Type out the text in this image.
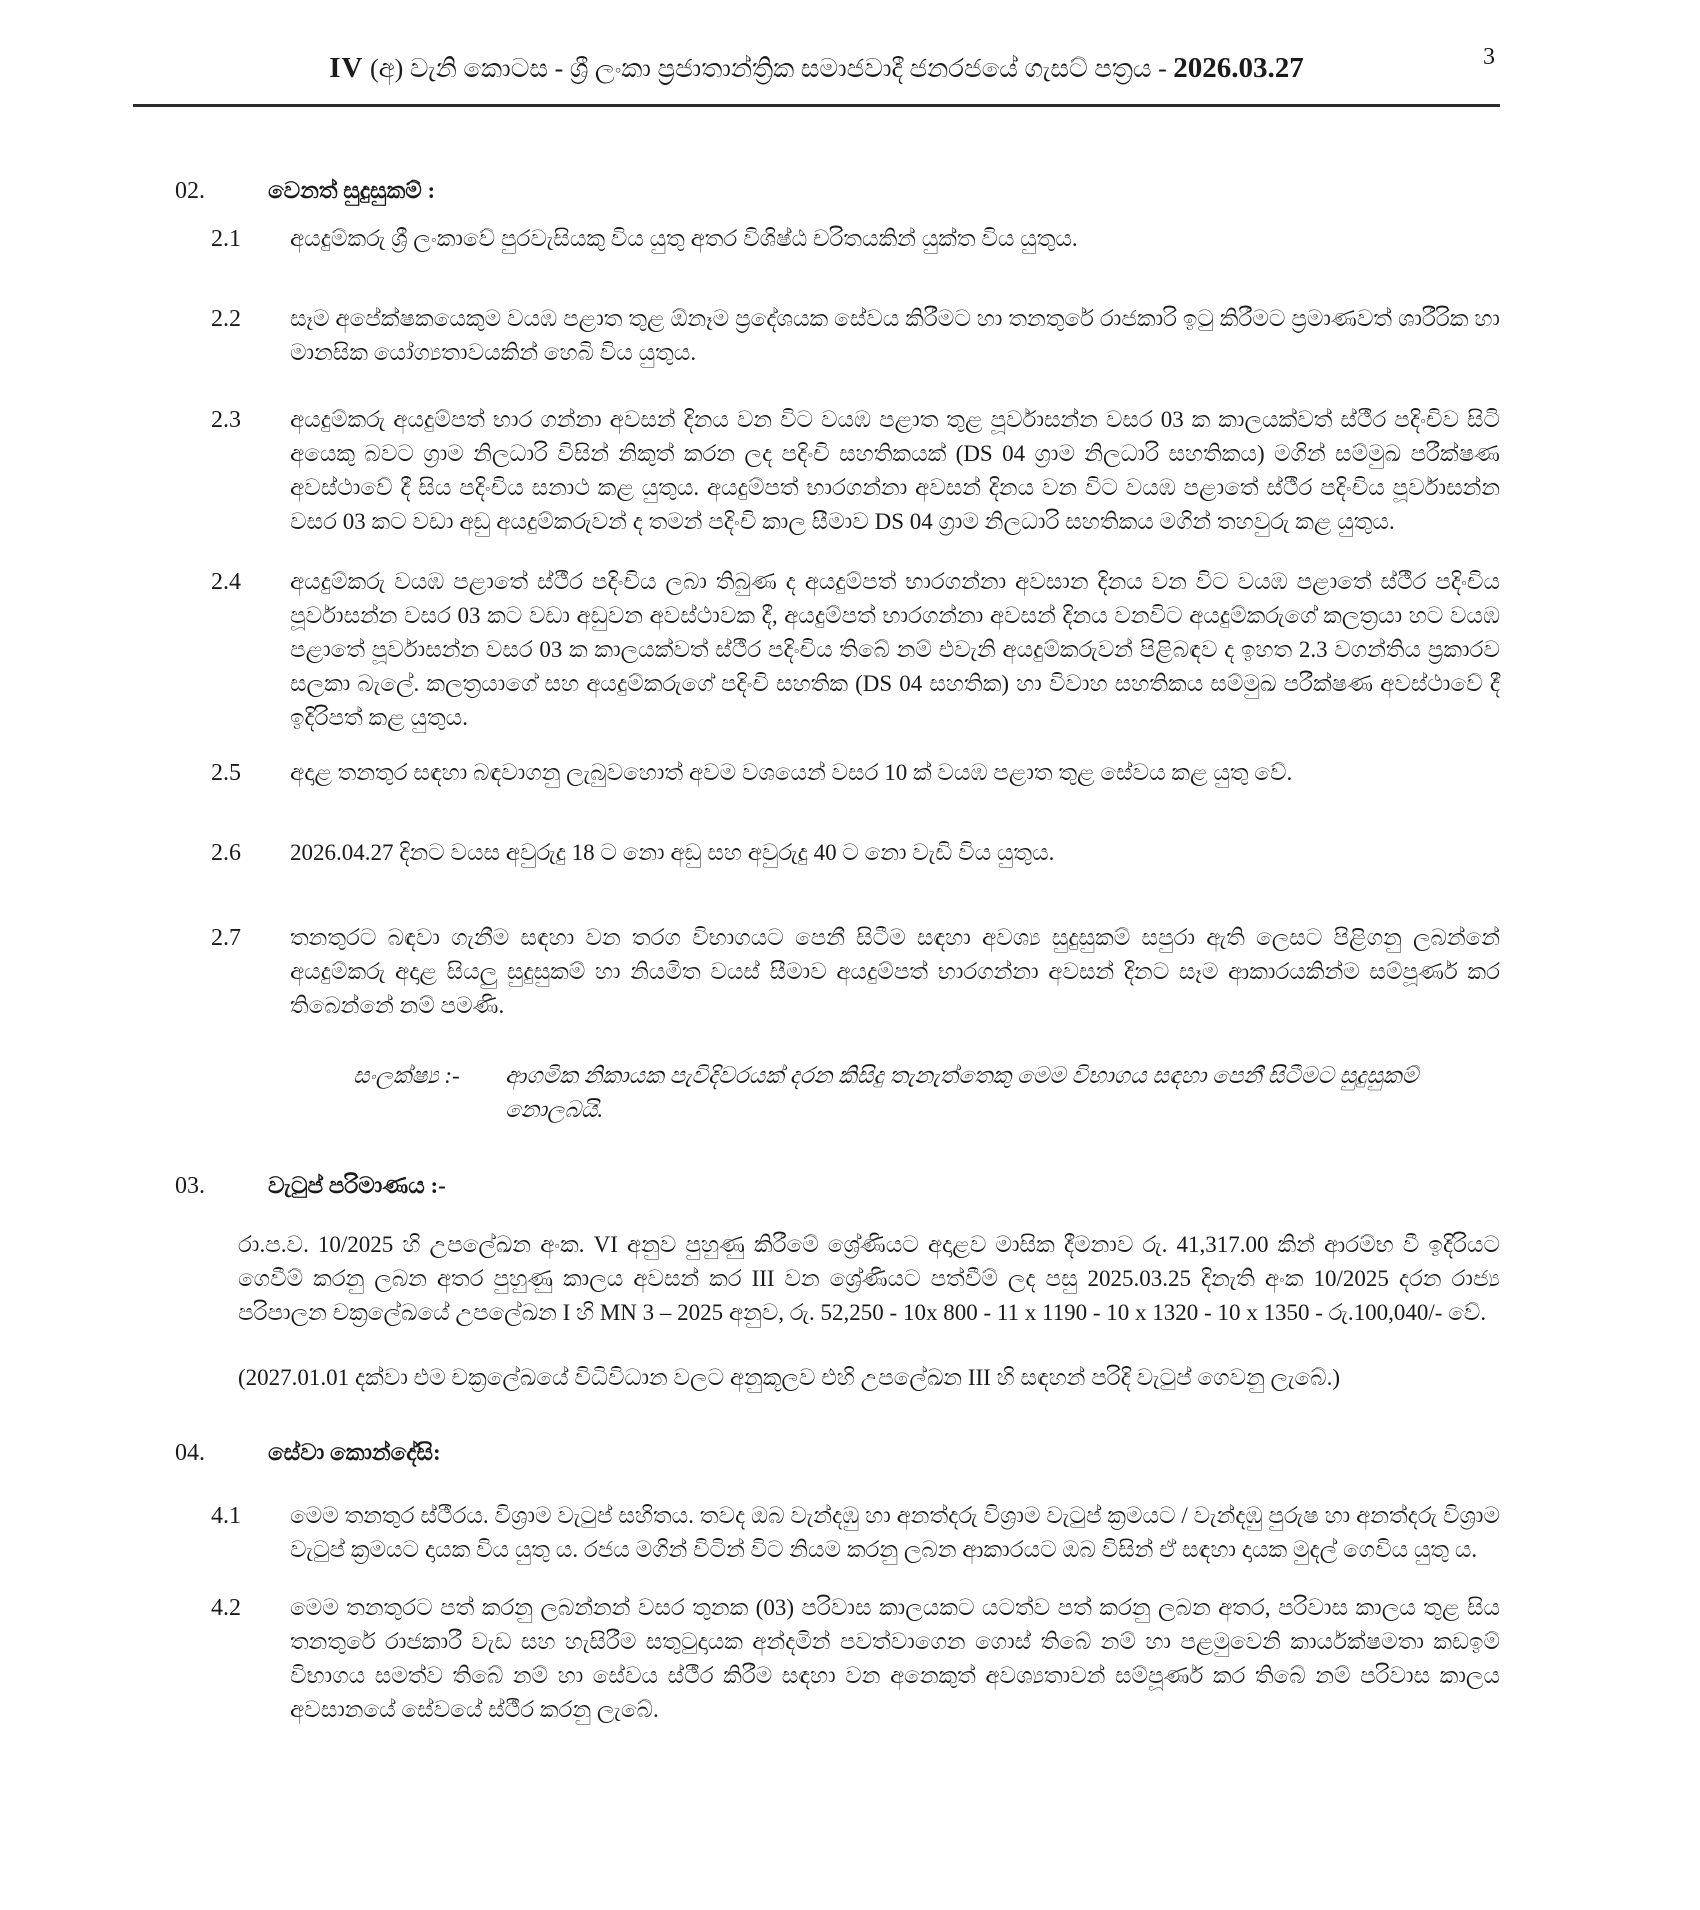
IV (අ) වැනි කොටස - ශ්‍රී ලංකා ප්‍රජාතාන්ත්‍රික සමාජවාදී ජනරජයේ ගැසට් පත්‍රය - 2026.03.27	3
02.	වෙනත් සුදුසුකම් :
2.1	අයදුම්කරු ශ්‍රී ලංකාවේ පුරවැසියකු විය යුතු අතර විශිෂ්ඨ චරිතයකින් යුක්ත විය යුතුය.
2.2	සෑම අපේක්ෂකයෙකුම වයඹ පළාත තුළ ඕනෑම ප්‍රදේශයක සේවය කිරීමට හා තනතුරේ රාජකාරි ඉටු කිරීමට ප්‍රමාණවත් ශාරීරික හා මානසික යෝග්‍යතාවයකින් හෙබි විය යුතුය.
2.3	අයදුම්කරු අයදුම්පත් භාර ගන්නා අවසන් දිනය වන විට වයඹ පළාත තුළ පූර්වාසන්න වසර 03 ක කාලයක්වත් ස්ථීර පදිංචිව සිටි අයෙකු බවට ග්‍රාම නිලධාරි විසින් නිකුත් කරන ලද පදිංචි සහතිකයක් (DS 04 ග්‍රාම නිලධාරි සහතිකය) මගින් සම්මුඛ පරීක්ෂණ අවස්ථාවේ දී සිය පදිංචිය සනාථ කළ යුතුය. අයදුම්පත් භාරගන්නා අවසන් දිනය වන විට වයඹ පළාතේ ස්ථීර පදිංචිය පූර්වාසන්න වසර 03 කට වඩා අඩු අයදුම්කරුවන් ද තමන් පදිංචි කාල සීමාව DS 04 ග්‍රාම නිලධාරි සහතිකය මගින් තහවුරු කළ යුතුය.
2.4	අයදුම්කරු වයඹ පළාතේ ස්ථීර පදිංචිය ලබා තිබුණ ද අයදුම්පත් භාරගන්නා අවසාන දිනය වන විට වයඹ පළාතේ ස්ථීර පදිංචිය පූර්වාසන්න වසර 03 කට වඩා අඩුවන අවස්ථාවක දී, අයදුම්පත් භාරගන්නා අවසන් දිනය වනවිට අයදුම්කරුගේ කලත්‍රයා හට වයඹ පළාතේ පූර්වාසන්න වසර 03 ක කාලයක්වත් ස්ථීර පදිංචිය තිබේ නම් එවැනි අයදුම්කරුවන් පිළිබඳව ද ඉහත 2.3 වගන්තිය ප්‍රකාරව සලකා බැලේ. කලත්‍රයාගේ සහ අයදුම්කරුගේ පදිංචි සහතික (DS 04 සහතික) හා විවාහ සහතිකය සම්මුඛ පරීක්ෂණ අවස්ථාවේ දී ඉදිරිපත් කළ යුතුය.
2.5	අදාළ තනතුර සඳහා බඳවාගනු ලැබුවහොත් අවම වශයෙන් වසර 10 ක් වයඹ පළාත තුළ සේවය කළ යුතු වේ.
2.6	2026.04.27 දිනට වයස අවුරුදු 18 ට නො අඩු සහ අවුරුදු 40 ට නො වැඩි විය යුතුය.
2.7	තනතුරට බඳවා ගැනීම සඳහා වන තරග විභාගයට පෙනී සිටීම සඳහා අවශ්‍ය සුදුසුකම් සපුරා ඇති ලෙසට පිළිගනු ලබන්නේ අයදුම්කරු අදාළ සියලු සුදුසුකම් හා නියමිත වයස් සීමාව අයදුම්පත් භාරගන්නා අවසන් දිනට සෑම ආකාරයකින්ම සම්පූර්ණ කර තිබෙන්නේ නම් පමණි.
සංලක්ෂ්‍ය :-	ආගමික නිකායක පැවිදිවරයක් දරන කිසිදු තැනැත්තෙකු මෙම විභාගය සඳහා පෙනී සිටීමට සුදුසුකම් නොලබයි.
03.	වැටුප් පරිමාණය :-
රා.ප.ව. 10/2025 හි උපලේඛන අංක. VI අනුව පුහුණු කිරීමේ ශ්‍රේණියට අදාළව මාසික දීමනාව රු. 41,317.00 කින් ආරම්භ වී ඉදිරියට ගෙවීම් කරනු ලබන අතර පුහුණු කාලය අවසන් කර III වන ශ්‍රේණියට පත්වීම් ලද පසු 2025.03.25 දිනැති අංක 10/2025 දරන රාජ්‍ය පරිපාලන චක්‍රලේඛයේ උපලේඛන I හි MN 3 – 2025 අනුව, රු. 52,250 - 10x 800 - 11 x 1190 - 10 x 1320 - 10 x 1350 - රු.100,040/- වේ.
(2027.01.01 දක්වා එම චක්‍රලේඛයේ විධිවිධාන වලට අනුකූලව එහි උපලේඛන III හි සඳහන් පරිදි වැටුප් ගෙවනු ලැබේ.)
04.	සේවා කොන්දේසි:
4.1	මෙම තනතුර ස්ථීරය. විශ්‍රාම වැටුප් සහිතය. තවද ඔබ වැන්දඹු හා අනත්දරු විශ්‍රාම වැටුප් ක්‍රමයට / වැන්දඹු පුරුෂ හා අනත්දරු විශ්‍රාම වැටුප් ක්‍රමයට දායක විය යුතු ය. රජය මගින් විටින් විට නියම කරනු ලබන ආකාරයට ඔබ විසින් ඒ සඳහා දායක මුදල් ගෙවිය යුතු ය.
4.2	මෙම තනතුරට පත් කරනු ලබන්නන් වසර තුනක (03) පරිවාස කාලයකට යටත්ව පත් කරනු ලබන අතර, පරිවාස කාලය තුළ සිය තනතුරේ රාජකාරී වැඩ සහ හැසිරීම සතුටුදායක අන්දමින් පවත්වාගෙන ගොස් තිබේ නම් හා පළමුවෙනි කාර්යක්ෂමතා කඩඉම් විභාගය සමත්ව තිබේ නම් හා සේවය ස්ථීර කිරීම සඳහා වන අනෙකුත් අවශ්‍යතාවන් සම්පූර්ණ කර තිබේ නම් පරිවාස කාලය අවසානයේ සේවයේ ස්ථීර කරනු ලැබේ.
